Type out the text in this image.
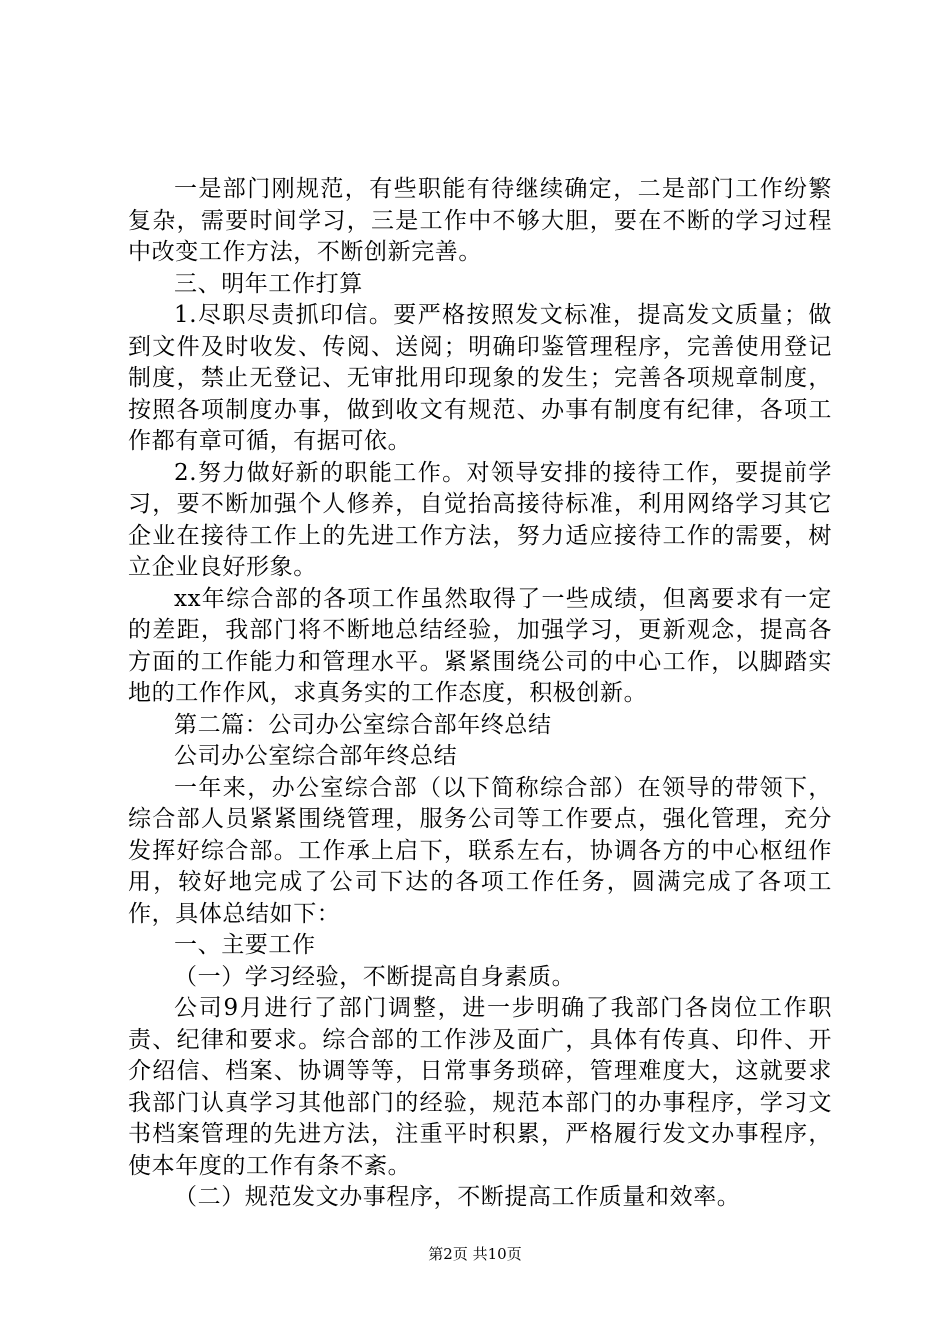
一是部门刚规范，有些职能有待继续确定，二是部门工作纷繁复杂，需要时间学习，三是工作中不够大胆，要在不断的学习过程中改变工作方法，不断创新完善。

三、明年工作打算

1.尽职尽责抓印信。要严格按照发文标准，提高发文质量；做到文件及时收发、传阅、送阅；明确印鉴管理程序，完善使用登记制度，禁止无登记、无审批用印现象的发生；完善各项规章制度，按照各项制度办事，做到收文有规范、办事有制度有纪律，各项工作都有章可循，有据可依。

2.努力做好新的职能工作。对领导安排的接待工作，要提前学习，要不断加强个人修养，自觉抬高接待标准，利用网络学习其它企业在接待工作上的先进工作方法，努力适应接待工作的需要，树立企业良好形象。

xx年综合部的各项工作虽然取得了一些成绩，但离要求有一定的差距，我部门将不断地总结经验，加强学习，更新观念，提高各方面的工作能力和管理水平。紧紧围绕公司的中心工作，以脚踏实地的工作作风，求真务实的工作态度，积极创新。

第二篇：公司办公室综合部年终总结

公司办公室综合部年终总结

一年来，办公室综合部（以下简称综合部）在领导的带领下，综合部人员紧紧围绕管理，服务公司等工作要点，强化管理，充分发挥好综合部。工作承上启下，联系左右，协调各方的中心枢纽作用，较好地完成了公司下达的各项工作任务，圆满完成了各项工作，具体总结如下：

一、主要工作

（一）学习经验，不断提高自身素质。

公司9月进行了部门调整，进一步明确了我部门各岗位工作职责、纪律和要求。综合部的工作涉及面广，具体有传真、印件、开介绍信、档案、协调等等，日常事务琐碎，管理难度大，这就要求我部门认真学习其他部门的经验，规范本部门的办事程序，学习文书档案管理的先进方法，注重平时积累，严格履行发文办事程序，使本年度的工作有条不紊。

（二）规范发文办事程序，不断提高工作质量和效率。

第2页 共10页
